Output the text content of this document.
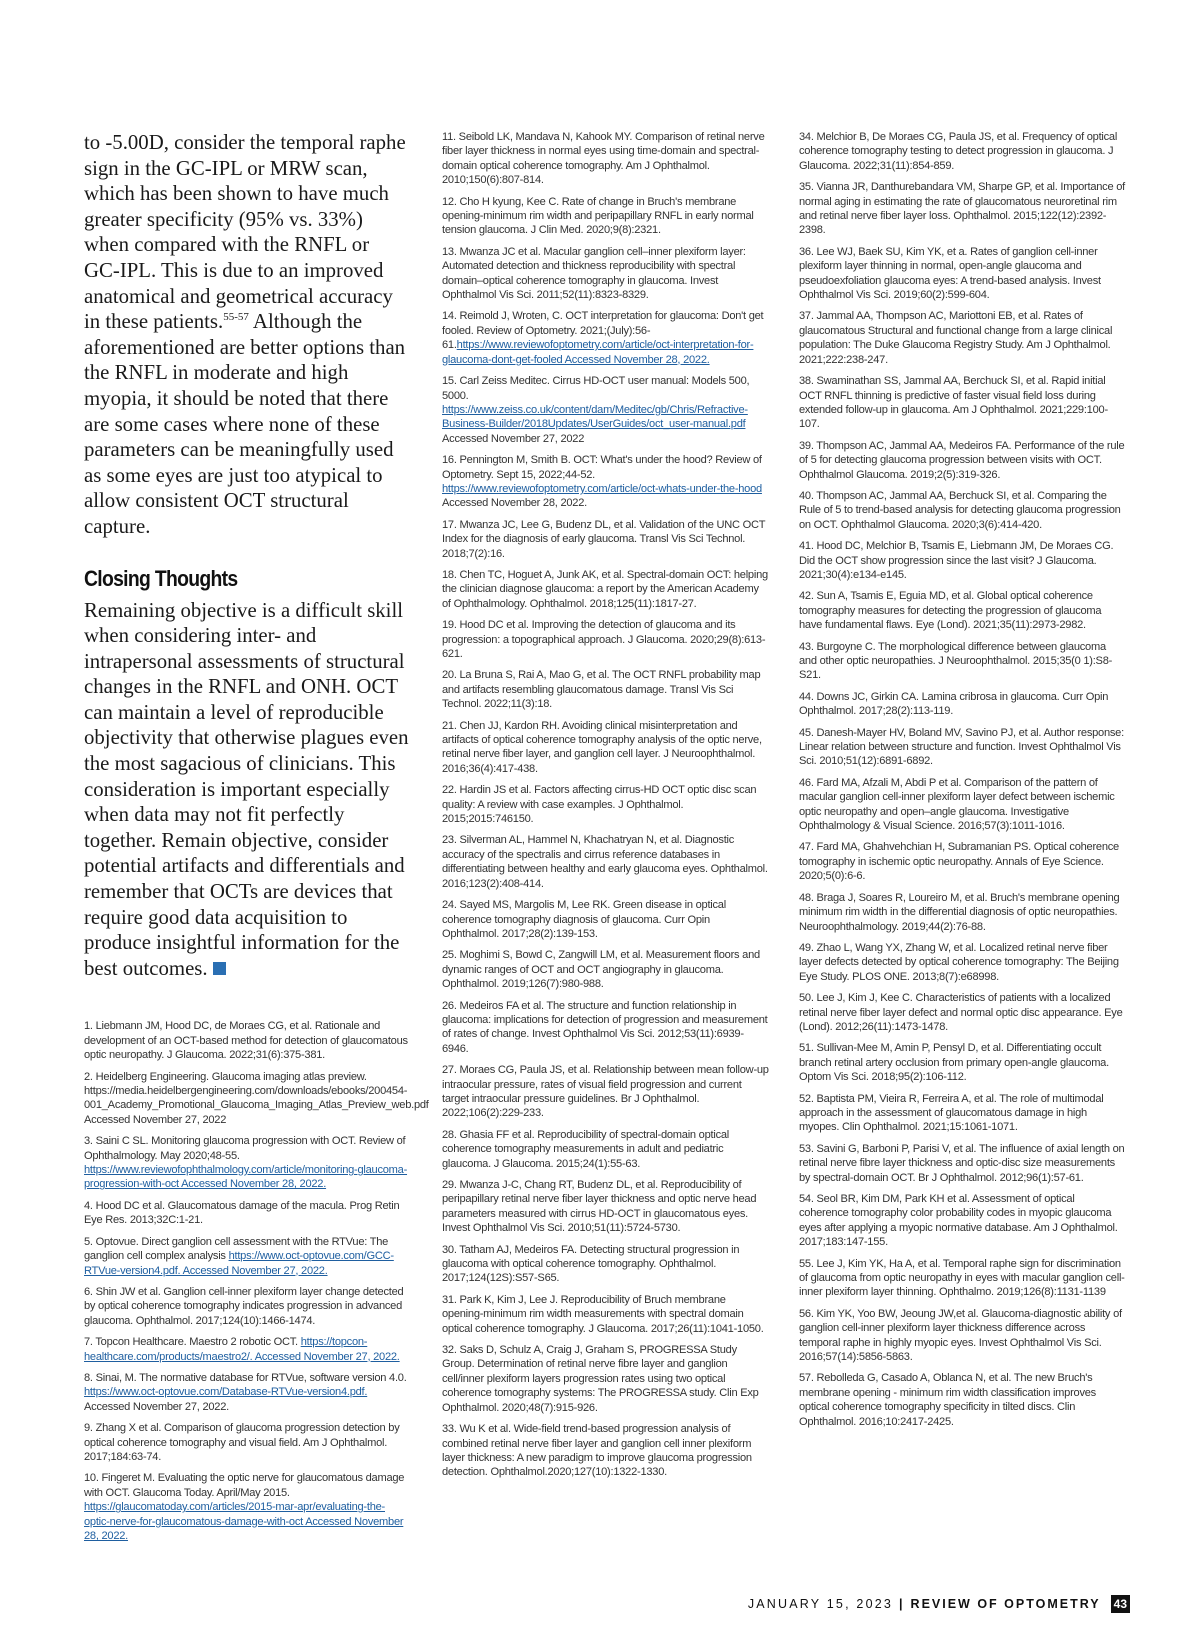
to -5.00D, consider the temporal raphe sign in the GC-IPL or MRW scan, which has been shown to have much greater specificity (95% vs. 33%) when compared with the RNFL or GC-IPL. This is due to an improved anatomical and geometrical accuracy in these patients.$^{55-57}$ Although the aforementioned are better options than the RNFL in moderate and high myopia, it should be noted that there are some cases where none of these parameters can be meaningfully used as some eyes are just too atypical to allow consistent OCT structural capture.

Closing Thoughts

Remaining objective is a difficult skill when considering inter- and intrapersonal assessments of structural changes in the RNFL and ONH. OCT can maintain a level of reproducible objectivity that otherwise plagues even the most sagacious of clinicians. This consideration is important especially when data may not fit perfectly together. Remain objective, consider potential artifacts and differentials and remember that OCTs are devices that require good data acquisition to produce insightful information for the best outcomes.

1. Liebmann JM, Hood DC, de Moraes CG, et al. Rationale and development of an OCT-based method for detection of glaucomatous optic neuropathy. J Glaucoma. 2022;31(6):375-381.
2. Heidelberg Engineering. Glaucoma imaging atlas preview. https://media.heidelbergengineering.com/downloads/ebooks/200454-001_Academy_Promotional_Glaucoma_Imaging_Atlas_Preview_web.pdf Accessed November 27, 2022
3. Saini C SL. Monitoring glaucoma progression with OCT. Review of Ophthalmology. May 2020;48-55. https://www.reviewofophthalmology.com/article/monitoring-glaucoma-progression-with-oct Accessed November 28, 2022.
4. Hood DC et al. Glaucomatous damage of the macula. Prog Retin Eye Res. 2013;32C:1-21.
5. Optovue. Direct ganglion cell assessment with the RTVue: The ganglion cell complex analysis https://www.oct-optovue.com/GCC-RTVue-version4.pdf. Accessed November 27, 2022.
6. Shin JW et al. Ganglion cell-inner plexiform layer change detected by optical coherence tomography indicates progression in advanced glaucoma. Ophthalmol. 2017;124(10):1466-1474.
7. Topcon Healthcare. Maestro 2 robotic OCT. https://topcon-healthcare.com/products/maestro2/. Accessed November 27, 2022.
8. Sinai, M. The normative database for RTVue, software version 4.0. https://www.oct-optovue.com/Database-RTVue-version4.pdf. Accessed November 27, 2022.
9. Zhang X et al. Comparison of glaucoma progression detection by optical coherence tomography and visual field. Am J Ophthalmol. 2017;184:63-74.
10. Fingeret M. Evaluating the optic nerve for glaucomatous damage with OCT. Glaucoma Today. April/May 2015. https://glaucomatoday.com/articles/2015-mar-apr/evaluating-the-optic-nerve-for-glaucomatous-damage-with-oct Accessed November 28, 2022.
11. Seibold LK, Mandava N, Kahook MY. Comparison of retinal nerve fiber layer thickness in normal eyes using time-domain and spectral-domain optical coherence tomography. Am J Ophthalmol. 2010;150(6):807-814.
12. Cho H kyung, Kee C. Rate of change in Bruch's membrane opening-minimum rim width and peripapillary RNFL in early normal tension glaucoma. J Clin Med. 2020;9(8):2321.
13. Mwanza JC et al. Macular ganglion cell–inner plexiform layer: Automated detection and thickness reproducibility with spectral domain–optical coherence tomography in glaucoma. Invest Ophthalmol Vis Sci. 2011;52(11):8323-8329.
14. Reimold J, Wroten, C. OCT interpretation for glaucoma: Don't get fooled. Review of Optometry. 2021;(July):56-61.https://www.reviewofoptometry.com/article/oct-interpretation-for-glaucoma-dont-get-fooled Accessed November 28, 2022.
15. Carl Zeiss Meditec. Cirrus HD-OCT user manual: Models 500, 5000. https://www.zeiss.co.uk/content/dam/Meditec/gb/Chris/Refractive-Business-Builder/2018Updates/UserGuides/oct_user-manual.pdf Accessed November 27, 2022
16. Pennington M, Smith B. OCT: What's under the hood? Review of Optometry. Sept 15, 2022;44-52. https://www.reviewofoptometry.com/article/oct-whats-under-the-hood Accessed November 28, 2022.
17. Mwanza JC, Lee G, Budenz DL, et al. Validation of the UNC OCT Index for the diagnosis of early glaucoma. Transl Vis Sci Technol. 2018;7(2):16.
18. Chen TC, Hoguet A, Junk AK, et al. Spectral-domain OCT: helping the clinician diagnose glaucoma: a report by the American Academy of Ophthalmology. Ophthalmol. 2018;125(11):1817-27.
19. Hood DC et al. Improving the detection of glaucoma and its progression: a topographical approach. J Glaucoma. 2020;29(8):613-621.
20. La Bruna S, Rai A, Mao G, et al. The OCT RNFL probability map and artifacts resembling glaucomatous damage. Transl Vis Sci Technol. 2022;11(3):18.
21. Chen JJ, Kardon RH. Avoiding clinical misinterpretation and artifacts of optical coherence tomography analysis of the optic nerve, retinal nerve fiber layer, and ganglion cell layer. J Neuroophthalmol. 2016;36(4):417-438.
22. Hardin JS et al. Factors affecting cirrus-HD OCT optic disc scan quality: A review with case examples. J Ophthalmol. 2015;2015:746150.
23. Silverman AL, Hammel N, Khachatryan N, et al. Diagnostic accuracy of the spectralis and cirrus reference databases in differentiating between healthy and early glaucoma eyes. Ophthalmol. 2016;123(2):408-414.
24. Sayed MS, Margolis M, Lee RK. Green disease in optical coherence tomography diagnosis of glaucoma. Curr Opin Ophthalmol. 2017;28(2):139-153.
25. Moghimi S, Bowd C, Zangwill LM, et al. Measurement floors and dynamic ranges of OCT and OCT angiography in glaucoma. Ophthalmol. 2019;126(7):980-988.
26. Medeiros FA et al. The structure and function relationship in glaucoma: implications for detection of progression and measurement of rates of change. Invest Ophthalmol Vis Sci. 2012;53(11):6939-6946.
27. Moraes CG, Paula JS, et al. Relationship between mean follow-up intraocular pressure, rates of visual field progression and current target intraocular pressure guidelines. Br J Ophthalmol. 2022;106(2):229-233.
28. Ghasia FF et al. Reproducibility of spectral-domain optical coherence tomography measurements in adult and pediatric glaucoma. J Glaucoma. 2015;24(1):55-63.
29. Mwanza J-C, Chang RT, Budenz DL, et al. Reproducibility of peripapillary retinal nerve fiber layer thickness and optic nerve head parameters measured with cirrus HD-OCT in glaucomatous eyes. Invest Ophthalmol Vis Sci. 2010;51(11):5724-5730.
30. Tatham AJ, Medeiros FA. Detecting structural progression in glaucoma with optical coherence tomography. Ophthalmol. 2017;124(12S):S57-S65.
31. Park K, Kim J, Lee J. Reproducibility of Bruch membrane opening-minimum rim width measurements with spectral domain optical coherence tomography. J Glaucoma. 2017;26(11):1041-1050.
32. Saks D, Schulz A, Craig J, Graham S, PROGRESSA Study Group. Determination of retinal nerve fibre layer and ganglion cell/inner plexiform layers progression rates using two optical coherence tomography systems: The PROGRESSA study. Clin Exp Ophthalmol. 2020;48(7):915-926.
33. Wu K et al. Wide-field trend-based progression analysis of combined retinal nerve fiber layer and ganglion cell inner plexiform layer thickness: A new paradigm to improve glaucoma progression detection. Ophthalmol.2020;127(10):1322-1330.
34. Melchior B, De Moraes CG, Paula JS, et al. Frequency of optical coherence tomography testing to detect progression in glaucoma. J Glaucoma. 2022;31(11):854-859.
35. Vianna JR, Danthurebandara VM, Sharpe GP, et al. Importance of normal aging in estimating the rate of glaucomatous neuroretinal rim and retinal nerve fiber layer loss. Ophthalmol. 2015;122(12):2392-2398.
36. Lee WJ, Baek SU, Kim YK, et a. Rates of ganglion cell-inner plexiform layer thinning in normal, open-angle glaucoma and pseudoexfoliation glaucoma eyes: A trend-based analysis. Invest Ophthalmol Vis Sci. 2019;60(2):599-604.
37. Jammal AA, Thompson AC, Mariottoni EB, et al. Rates of glaucomatous Structural and functional change from a large clinical population: The Duke Glaucoma Registry Study. Am J Ophthalmol. 2021;222:238-247.
38. Swaminathan SS, Jammal AA, Berchuck SI, et al. Rapid initial OCT RNFL thinning is predictive of faster visual field loss during extended follow-up in glaucoma. Am J Ophthalmol. 2021;229:100-107.
39. Thompson AC, Jammal AA, Medeiros FA. Performance of the rule of 5 for detecting glaucoma progression between visits with OCT. Ophthalmol Glaucoma. 2019;2(5):319-326.
40. Thompson AC, Jammal AA, Berchuck SI, et al. Comparing the Rule of 5 to trend-based analysis for detecting glaucoma progression on OCT. Ophthalmol Glaucoma. 2020;3(6):414-420.
41. Hood DC, Melchior B, Tsamis E, Liebmann JM, De Moraes CG. Did the OCT show progression since the last visit? J Glaucoma. 2021;30(4):e134-e145.
42. Sun A, Tsamis E, Eguia MD, et al. Global optical coherence tomography measures for detecting the progression of glaucoma have fundamental flaws. Eye (Lond). 2021;35(11):2973-2982.
43. Burgoyne C. The morphological difference between glaucoma and other optic neuropathies. J Neuroophthalmol. 2015;35(0 1):S8-S21.
44. Downs JC, Girkin CA. Lamina cribrosa in glaucoma. Curr Opin Ophthalmol. 2017;28(2):113-119.
45. Danesh-Mayer HV, Boland MV, Savino PJ, et al. Author response: Linear relation between structure and function. Invest Ophthalmol Vis Sci. 2010;51(12):6891-6892.
46. Fard MA, Afzali M, Abdi P et al. Comparison of the pattern of macular ganglion cell-inner plexiform layer defect between ischemic optic neuropathy and open–angle glaucoma. Investigative Ophthalmology & Visual Science. 2016;57(3):1011-1016.
47. Fard MA, Ghahvehchian H, Subramanian PS. Optical coherence tomography in ischemic optic neuropathy. Annals of Eye Science. 2020;5(0):6-6.
48. Braga J, Soares R, Loureiro M, et al. Bruch's membrane opening minimum rim width in the differential diagnosis of optic neuropathies. Neuroophthalmology. 2019;44(2):76-88.
49. Zhao L, Wang YX, Zhang W, et al. Localized retinal nerve fiber layer defects detected by optical coherence tomography: The Beijing Eye Study. PLOS ONE. 2013;8(7):e68998.
50. Lee J, Kim J, Kee C. Characteristics of patients with a localized retinal nerve fiber layer defect and normal optic disc appearance. Eye (Lond). 2012;26(11):1473-1478.
51. Sullivan-Mee M, Amin P, Pensyl D, et al. Differentiating occult branch retinal artery occlusion from primary open-angle glaucoma. Optom Vis Sci. 2018;95(2):106-112.
52. Baptista PM, Vieira R, Ferreira A, et al. The role of multimodal approach in the assessment of glaucomatous damage in high myopes. Clin Ophthalmol. 2021;15:1061-1071.
53. Savini G, Barboni P, Parisi V, et al. The influence of axial length on retinal nerve fibre layer thickness and optic-disc size measurements by spectral-domain OCT. Br J Ophthalmol. 2012;96(1):57-61.
54. Seol BR, Kim DM, Park KH et al. Assessment of optical coherence tomography color probability codes in myopic glaucoma eyes after applying a myopic normative database. Am J Ophthalmol. 2017;183:147-155.
55. Lee J, Kim YK, Ha A, et al. Temporal raphe sign for discrimination of glaucoma from optic neuropathy in eyes with macular ganglion cell-inner plexiform layer thinning. Ophthalmo. 2019;126(8):1131-1139
56. Kim YK, Yoo BW, Jeoung JW,et al. Glaucoma-diagnostic ability of ganglion cell-inner plexiform layer thickness difference across temporal raphe in highly myopic eyes. Invest Ophthalmol Vis Sci. 2016;57(14):5856-5863.
57. Rebolleda G, Casado A, Oblanca N, et al. The new Bruch's membrane opening - minimum rim width classification improves optical coherence tomography specificity in tilted discs. Clin Ophthalmol. 2016;10:2417-2425.
JANUARY 15, 2023 | REVIEW OF OPTOMETRY 43
